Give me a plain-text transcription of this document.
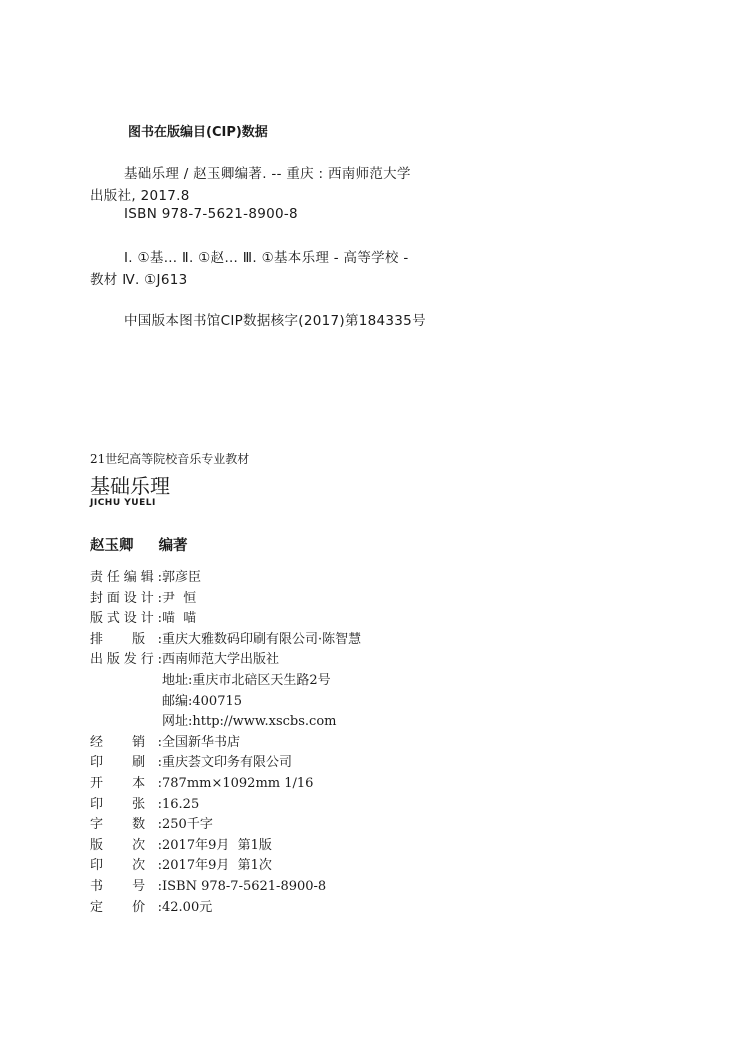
图书在版编目(CIP)数据
基础乐理 / 赵玉卿编著. -- 重庆 : 西南师范大学
出版社, 2017.8
ISBN 978-7-5621-8900-8
Ⅰ. ①基… Ⅱ. ①赵… Ⅲ. ①基本乐理 - 高等学校 -
教材 Ⅳ. ①J613
中国版本图书馆CIP数据核字(2017)第184335号
21世纪高等院校音乐专业教材
基础乐理
JICHU YUELI
赵玉卿 编著
责任编辑: 郭彦臣
封面设计: 尹  恒
版式设计: 喵  喵
排 版: 重庆大雅数码印刷有限公司·陈智慧
出版发行: 西南师范大学出版社
地址:重庆市北碚区天生路2号
邮编:400715
网址:http://www.xscbs.com
经 销: 全国新华书店
印 刷: 重庆荟文印务有限公司
开 本: 787mm×1092mm 1/16
印 张: 16.25
字 数: 250千字
版 次: 2017年9月  第1版
印 次: 2017年9月  第1次
书 号: ISBN 978-7-5621-8900-8
定 价: 42.00元
